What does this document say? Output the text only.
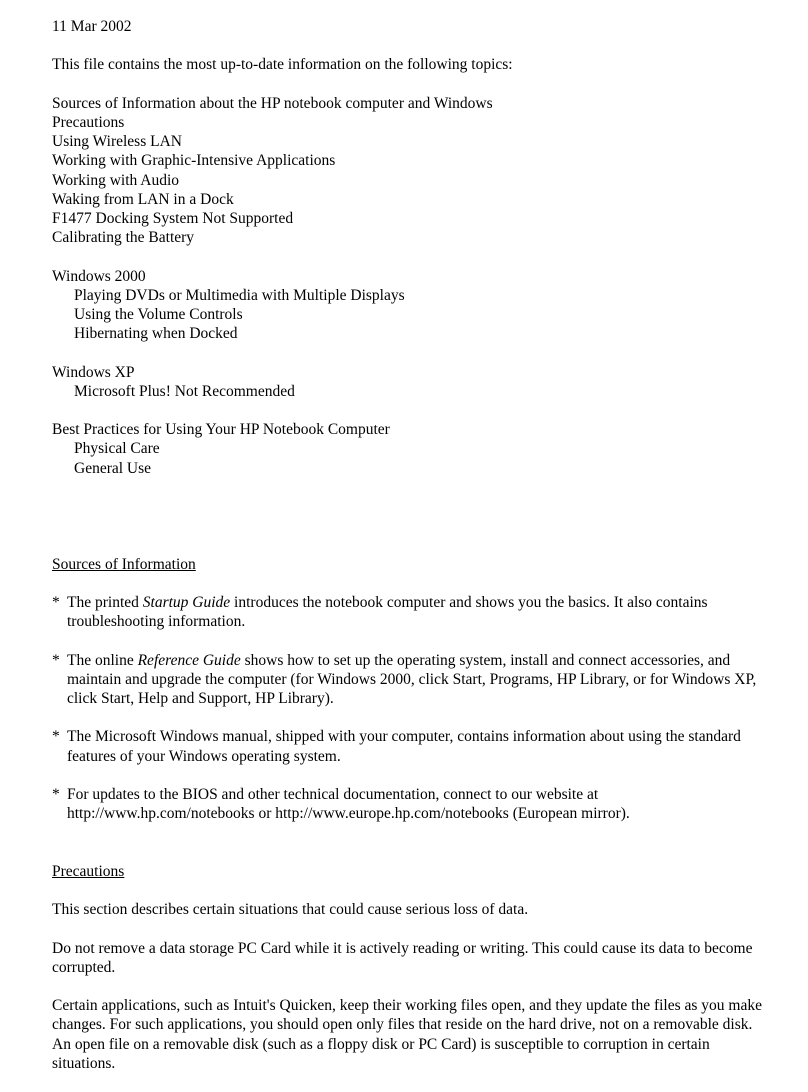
11 Mar 2002
This file contains the most up-to-date information on the following topics:
Sources of Information about the HP notebook computer and Windows
Precautions
Using Wireless LAN
Working with Graphic-Intensive Applications
Working with Audio
Waking from LAN in a Dock
F1477 Docking System Not Supported
Calibrating the Battery
Windows 2000
Playing DVDs or Multimedia with Multiple Displays
Using the Volume Controls
Hibernating when Docked
Windows XP
Microsoft Plus! Not Recommended
Best Practices for Using Your HP Notebook Computer
Physical Care
General Use
Sources of Information
* The printed Startup Guide introduces the notebook computer and shows you the basics. It also contains troubleshooting information.
* The online Reference Guide shows how to set up the operating system, install and connect accessories, and maintain and upgrade the computer (for Windows 2000, click Start, Programs, HP Library, or for Windows XP, click Start, Help and Support, HP Library).
* The Microsoft Windows manual, shipped with your computer, contains information about using the standard features of your Windows operating system.
* For updates to the BIOS and other technical documentation, connect to our website at http://www.hp.com/notebooks or http://www.europe.hp.com/notebooks (European mirror).
Precautions
This section describes certain situations that could cause serious loss of data.
Do not remove a data storage PC Card while it is actively reading or writing. This could cause its data to become corrupted.
Certain applications, such as Intuit's Quicken, keep their working files open, and they update the files as you make changes. For such applications, you should open only files that reside on the hard drive, not on a removable disk. An open file on a removable disk (such as a floppy disk or PC Card) is susceptible to corruption in certain situations.
